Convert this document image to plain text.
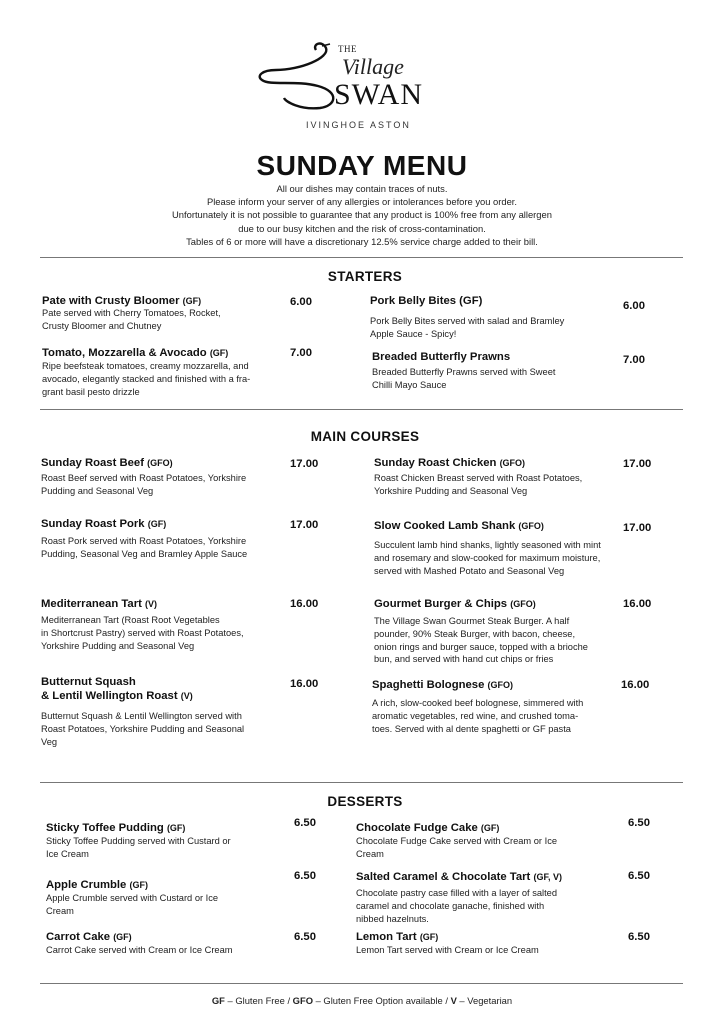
THE
Village
SWAN
IVINGHOE ASTON
SUNDAY MENU
All our dishes may contain traces of nuts.
Please inform your server of any allergies or intolerances before you order.
Unfortunately it is not possible to guarantee that any product is 100% free from any allergen
due to our busy kitchen and the risk of cross-contamination.
Tables of 6 or more will have a discretionary 12.5% service charge added to their bill.
STARTERS
Pate with Crusty Bloomer (GF)
Pate served with Cherry Tomatoes, Rocket,
Crusty Bloomer and Chutney
6.00	Pork Belly Bites (GF)
Pork Belly Bites served with salad and Bramley
Apple Sauce - Spicy!
6.00
Tomato, Mozzarella & Avocado (GF)
Ripe beefsteak tomatoes, creamy mozzarella, and
avocado, elegantly stacked and finished with a fra-
grant basil pesto drizzle
7.00	Breaded Butterfly Prawns
Breaded Butterfly Prawns served with Sweet
Chilli Mayo Sauce
7.00
MAIN COURSES
Sunday Roast Beef (GFO)
Roast Beef served with Roast Potatoes, Yorkshire
Pudding and Seasonal Veg
17.00	Sunday Roast Chicken (GFO)
Roast Chicken Breast served with Roast Potatoes,
Yorkshire Pudding and Seasonal Veg
17.00
Sunday Roast Pork (GF)
Roast Pork served with Roast Potatoes, Yorkshire
Pudding, Seasonal Veg and Bramley Apple Sauce
17.00	Slow Cooked Lamb Shank (GFO)
Succulent lamb hind shanks, lightly seasoned with mint
and rosemary and slow-cooked for maximum moisture,
served with Mashed Potato and Seasonal Veg
17.00
Mediterranean Tart (V)
Mediterranean Tart (Roast Root Vegetables
in Shortcrust Pastry) served with Roast Potatoes,
Yorkshire Pudding and Seasonal Veg
16.00	Gourmet Burger & Chips (GFO)
The Village Swan Gourmet Steak Burger. A half
pounder, 90% Steak Burger, with bacon, cheese,
onion rings and burger sauce, topped with a brioche
bun, and served with hand cut chips or fries
16.00
Butternut Squash
& Lentil Wellington Roast (V)
Butternut Squash & Lentil Wellington served with
Roast Potatoes, Yorkshire Pudding and Seasonal
Veg
16.00	Spaghetti Bolognese (GFO)
A rich, slow-cooked beef bolognese, simmered with
aromatic vegetables, red wine, and crushed toma-
toes. Served with al dente spaghetti or GF pasta
16.00
DESSERTS
Sticky Toffee Pudding (GF)
Sticky Toffee Pudding served with Custard or
Ice Cream
6.50	Chocolate Fudge Cake (GF)
Chocolate Fudge Cake served with Cream or Ice
Cream
6.50
Apple Crumble (GF)
Apple Crumble served with Custard or Ice
Cream
6.50	Salted Caramel & Chocolate Tart (GF, V)
Chocolate pastry case filled with a layer of salted
caramel and chocolate ganache, finished with
nibbed hazelnuts.
6.50
Carrot Cake (GF)
Carrot Cake served with Cream or Ice Cream
6.50	Lemon Tart (GF)
Lemon Tart served with Cream or Ice Cream
6.50
GF – Gluten Free / GFO – Gluten Free Option available / V – Vegetarian
